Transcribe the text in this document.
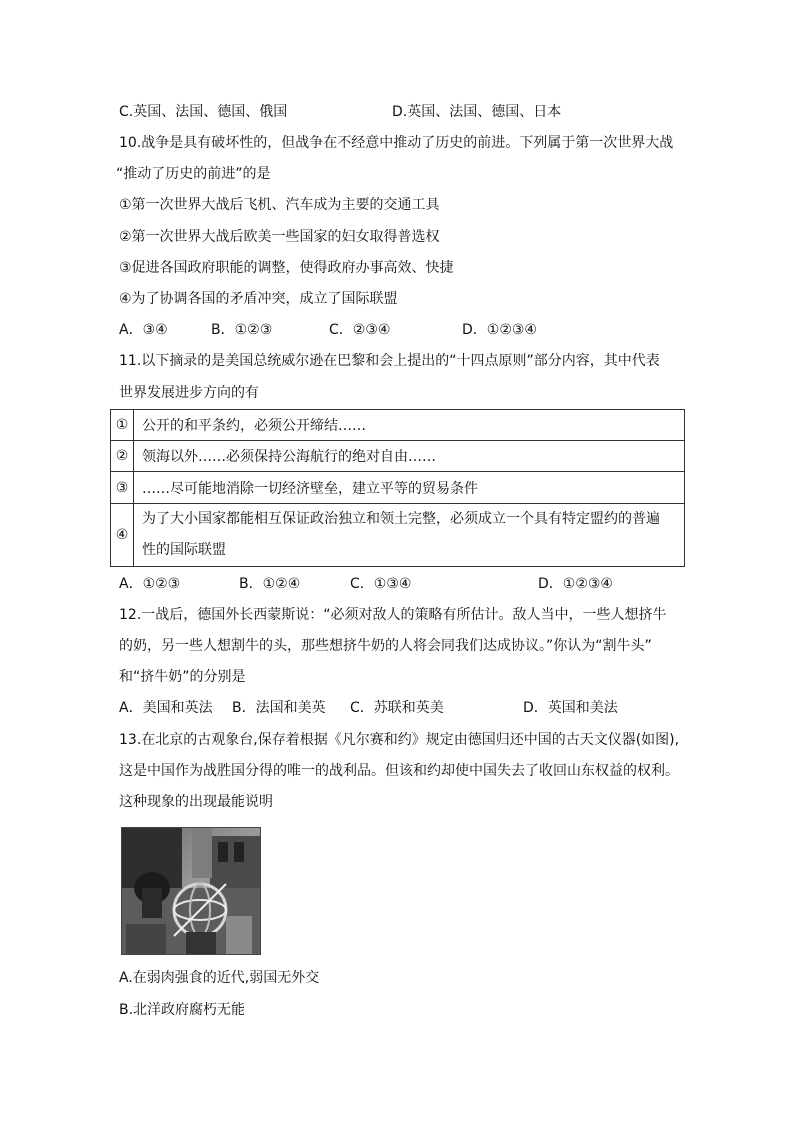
C.英国、法国、德国、俄国	D.英国、法国、德国、日本
10.战争是具有破坏性的，但战争在不经意中推动了历史的前进。下列属于第一次世界大战
“推动了历史的前进”的是
①第一次世界大战后飞机、汽车成为主要的交通工具
②第一次世界大战后欧美一些国家的妇女取得普选权
③促进各国政府职能的调整，使得政府办事高效、快捷
④为了协调各国的矛盾冲突，成立了国际联盟
A．③④	B．①②③	C．②③④	D．①②③④
11.以下摘录的是美国总统威尔逊在巴黎和会上提出的“十四点原则”部分内容，其中代表
世界发展进步方向的有
①	公开的和平条约，必须公开缔结……
②	领海以外……必须保持公海航行的绝对自由……
③	……尽可能地消除一切经济壁垒，建立平等的贸易条件
④	为了大小国家都能相互保证政治独立和领土完整，必须成立一个具有特定盟约的普遍
性的国际联盟
A．①②③	B．①②④	C．①③④	D．①②③④
12.一战后，德国外长西蒙斯说：“必须对敌人的策略有所估计。敌人当中，一些人想挤牛
的奶，另一些人想割牛的头，那些想挤牛奶的人将会同我们达成协议。”你认为“割牛头”
和“挤牛奶”的分别是
A．美国和英法 B．法国和美英 C．苏联和英美	D．英国和美法
13.在北京的古观象台,保存着根据《凡尔赛和约》规定由德国归还中国的古天文仪器(如图),
这是中国作为战胜国分得的唯一的战利品。但该和约却使中国失去了收回山东权益的权利。
这种现象的出现最能说明
A.在弱肉强食的近代,弱国无外交
B.北洋政府腐朽无能
